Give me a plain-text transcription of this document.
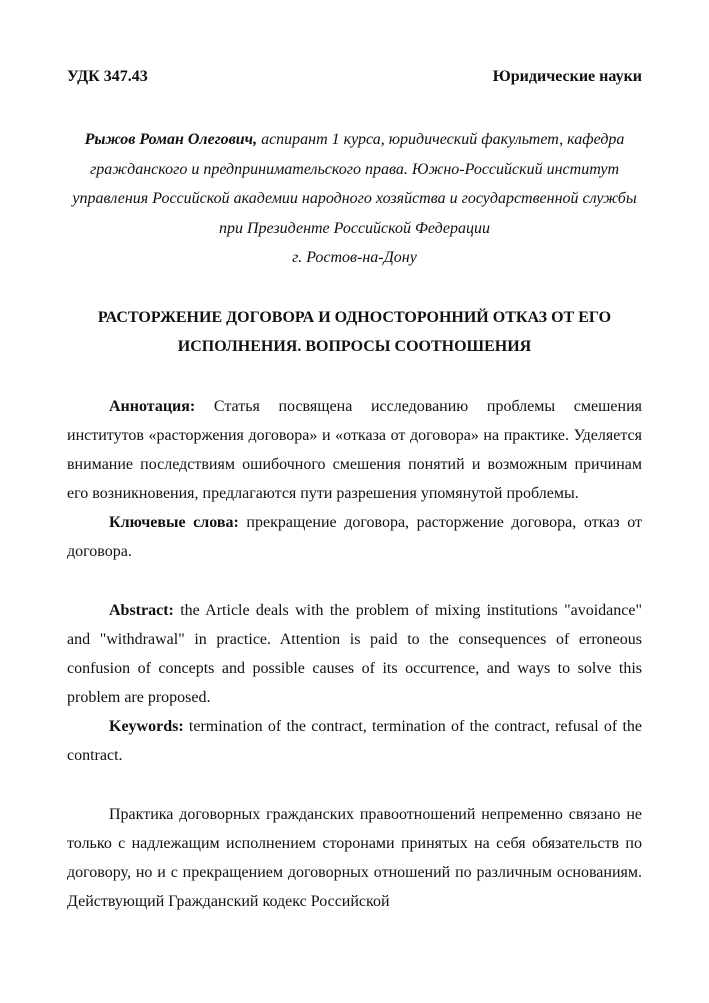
УДК 347.43	Юридические науки
Рыжов Роман Олегович, аспирант 1 курса, юридический факультет, кафедра гражданского и предпринимательского права. Южно-Российский институт управления Российской академии народного хозяйства и государственной службы при Президенте Российской Федерации
г. Ростов-на-Дону
РАСТОРЖЕНИЕ ДОГОВОРА И ОДНОСТОРОННИЙ ОТКАЗ ОТ ЕГО ИСПОЛНЕНИЯ. ВОПРОСЫ СООТНОШЕНИЯ

Аннотация: Статья посвящена исследованию проблемы смешения институтов «расторжения договора» и «отказа от договора» на практике. Уделяется внимание последствиям ошибочного смешения понятий и возможным причинам его возникновения, предлагаются пути разрешения упомянутой проблемы.

Ключевые слова: прекращение договора, расторжение договора, отказ от договора.

Abstract: the Article deals with the problem of mixing institutions "avoidance" and "withdrawal" in practice. Attention is paid to the consequences of erroneous confusion of concepts and possible causes of its occurrence, and ways to solve this problem are proposed.

Keywords: termination of the contract, termination of the contract, refusal of the contract.

Практика договорных гражданских правоотношений непременно связано не только с надлежащим исполнением сторонами принятых на себя обязательств по договору, но и с прекращением договорных отношений по различным основаниям. Действующий Гражданский кодекс Российской
